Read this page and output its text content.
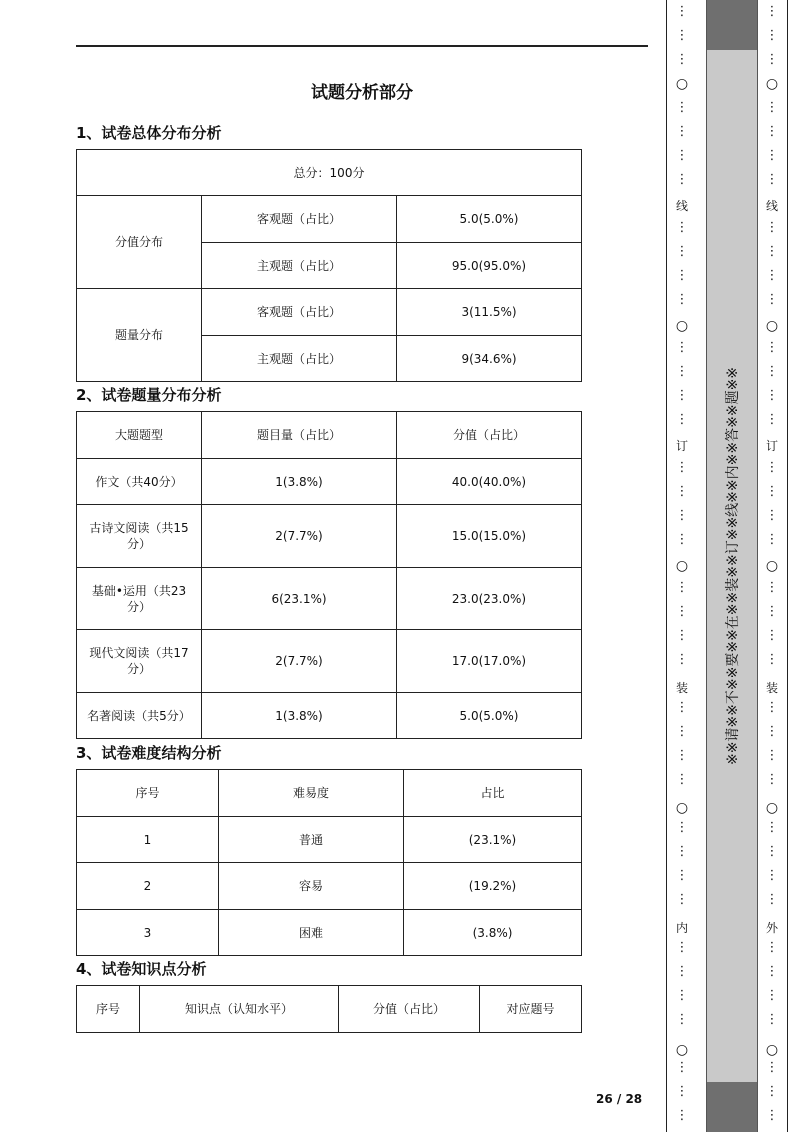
试题分析部分
1、试卷总体分布分析
总分：100分		
分值分布	客观题（占比）	5.0(5.0%)
	主观题（占比）	95.0(95.0%)
题量分布	客观题（占比）	3(11.5%)
	主观题（占比）	9(34.6%)
2、试卷题量分布分析
大题题型	题目量（占比）	分值（占比）
作文（共40分）	1(3.8%)	40.0(40.0%)
古诗文阅读（共15分）	2(7.7%)	15.0(15.0%)
基础•运用（共23分）	6(23.1%)	23.0(23.0%)
现代文阅读（共17分）	2(7.7%)	17.0(17.0%)
名著阅读（共5分）	1(3.8%)	5.0(5.0%)
3、试卷难度结构分析
序号	难易度	占比
1	普通	(23.1%)
2	容易	(19.2%)
3	困难	(3.8%)
4、试卷知识点分析
序号	知识点（认知水平）	分值（占比）	对应题号
26 / 28
⋮
⋮
⋮
⋮
⋮
⋮
⋮
⋮
⋮
⋮
⋮
⋮
⋮
⋮
⋮
⋮
⋮
⋮
⋮
⋮
⋮
⋮
⋮
⋮
⋮
⋮
⋮
⋮
⋮
⋮
⋮
⋮
⋮
⋮
⋮
⋮
⋮
⋮
○
线
○
订
○
装
○
内
○
※※请※※不※※要※※在※※装※※订※※线※※内※※答※※题※※
⋮
⋮
⋮
⋮
⋮
⋮
⋮
⋮
⋮
⋮
⋮
⋮
⋮
⋮
⋮
⋮
⋮
⋮
⋮
⋮
⋮
⋮
⋮
⋮
⋮
⋮
⋮
⋮
⋮
⋮
⋮
⋮
⋮
⋮
⋮
⋮
⋮
⋮
○
线
○
订
○
装
○
外
○
